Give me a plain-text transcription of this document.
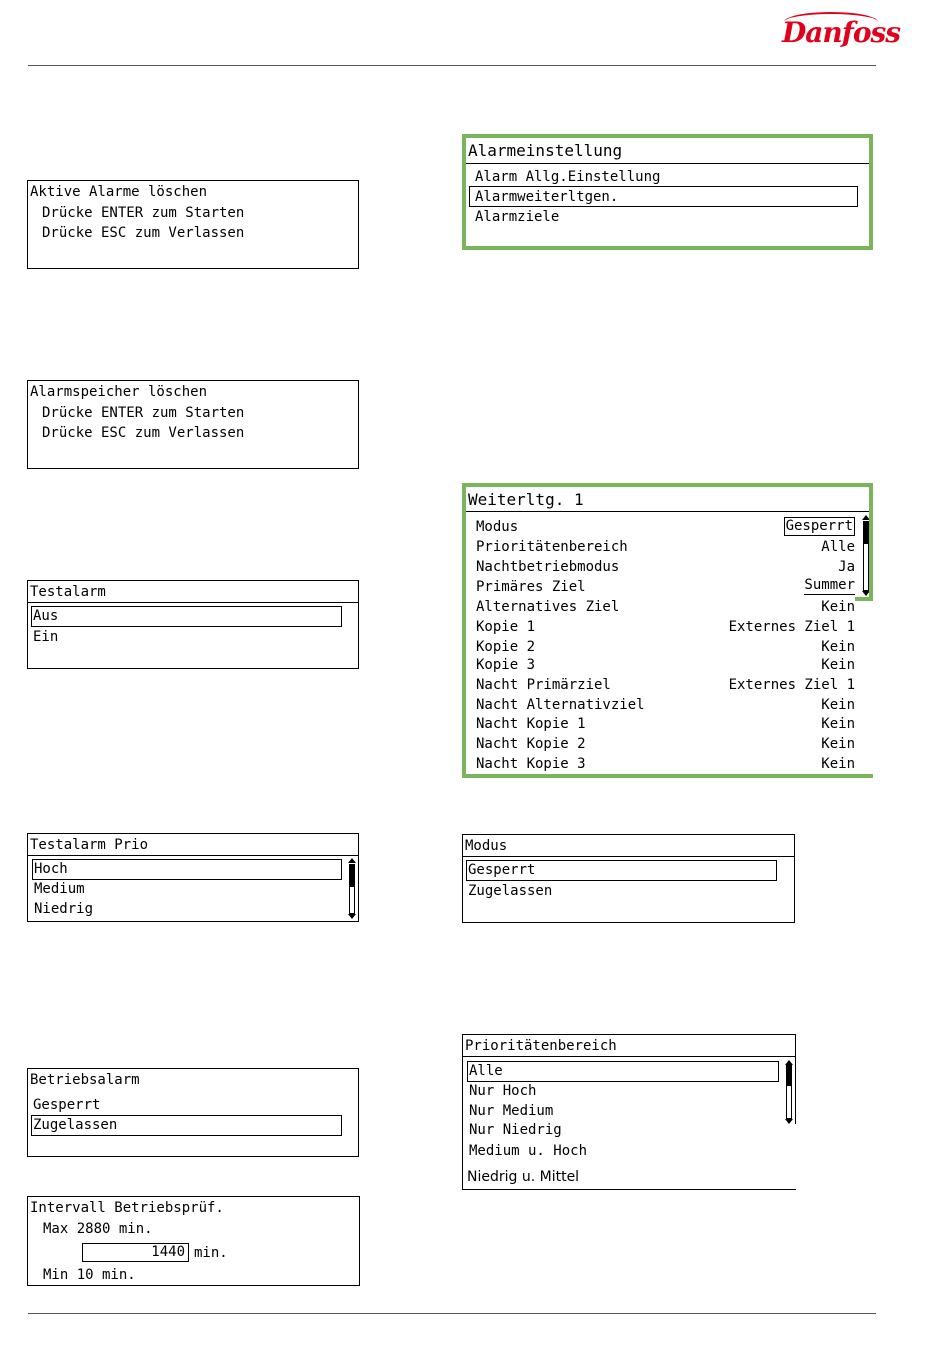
Danfoss
Aktive Alarme löschen
Drücke ENTER zum Starten
Drücke ESC zum Verlassen
Alarmspeicher löschen
Drücke ENTER zum Starten
Drücke ESC zum Verlassen
Testalarm
Aus
Ein
Testalarm Prio
Hoch
Medium
Niedrig
Betriebsalarm
Gesperrt
Zugelassen
Intervall Betriebsprüf.
Max 2880 min.
1440 min.
Min 10 min.
Alarmeinstellung
Alarm Allg.Einstellung
Alarmweiterltgen.
Alarmziele
Weiterltg. 1
Modus	Gesperrt
Prioritätenbereich	Alle
Nachtbetriebmodus	Ja
Primäres Ziel	Summer
Alternatives Ziel	Kein
Kopie 1	Externes Ziel 1
Kopie 2	Kein
Kopie 3	Kein
Nacht Primärziel	Externes Ziel 1
Nacht Alternativziel	Kein
Nacht Kopie 1	Kein
Nacht Kopie 2	Kein
Nacht Kopie 3	Kein
Modus
Gesperrt
Zugelassen
Prioritätenbereich
Alle
Nur Hoch
Nur Medium
Nur Niedrig
Medium u. Hoch
Niedrig u. Mittel
